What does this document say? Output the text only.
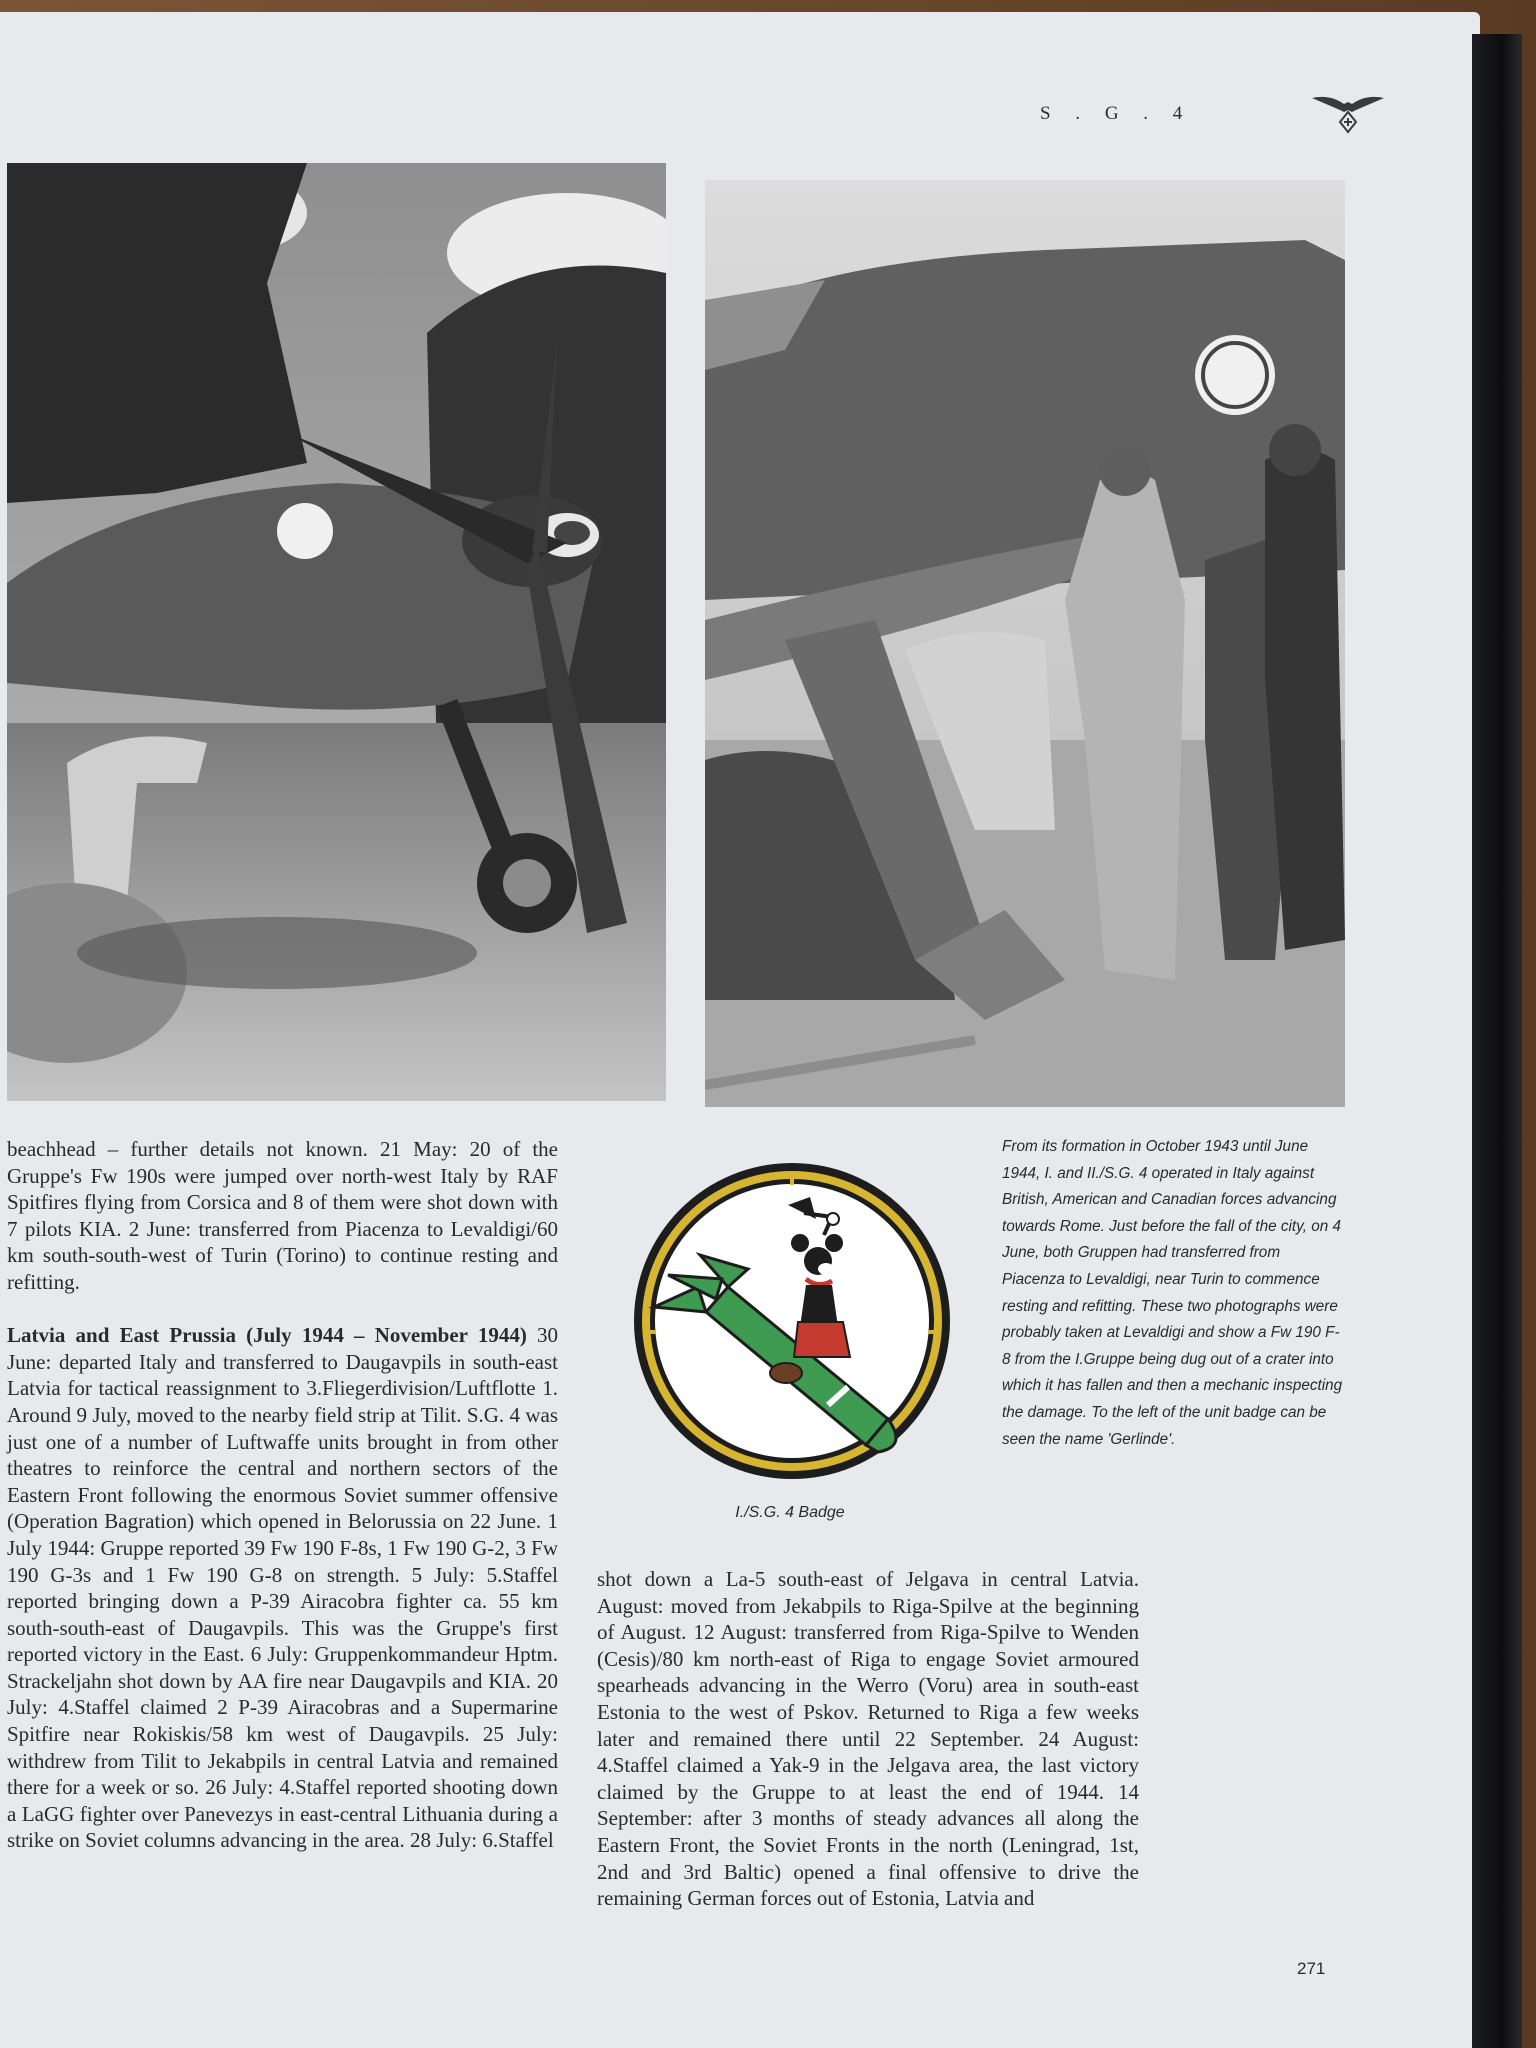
S . G . 4
beachhead – further details not known. 21 May: 20 of the Gruppe's Fw 190s were jumped over north-west Italy by RAF Spitfires flying from Corsica and 8 of them were shot down with 7 pilots KIA. 2 June: transferred from Piacenza to Levaldigi/60 km south-south-west of Turin (Torino) to continue resting and refitting.

Latvia and East Prussia (July 1944 – November 1944) 30 June: departed Italy and transferred to Daugavpils in south-east Latvia for tactical reassignment to 3.Fliegerdivision/Luftflotte 1. Around 9 July, moved to the nearby field strip at Tilit. S.G. 4 was just one of a number of Luftwaffe units brought in from other theatres to reinforce the central and northern sectors of the Eastern Front following the enormous Soviet summer offensive (Operation Bagration) which opened in Belorussia on 22 June. 1 July 1944: Gruppe reported 39 Fw 190 F-8s, 1 Fw 190 G-2, 3 Fw 190 G-3s and 1 Fw 190 G-8 on strength. 5 July: 5.Staffel reported bringing down a P-39 Airacobra fighter ca. 55 km south-south-east of Daugavpils. This was the Gruppe's first reported victory in the East. 6 July: Gruppenkommandeur Hptm. Strackeljahn shot down by AA fire near Daugavpils and KIA. 20 July: 4.Staffel claimed 2 P-39 Airacobras and a Supermarine Spitfire near Rokiskis/58 km west of Daugavpils. 25 July: withdrew from Tilit to Jekabpils in central Latvia and remained there for a week or so. 26 July: 4.Staffel reported shooting down a LaGG fighter over Panevezys in east-central Lithuania during a strike on Soviet columns advancing in the area. 28 July: 6.Staffel
shot down a La-5 south-east of Jelgava in central Latvia. August: moved from Jekabpils to Riga-Spilve at the beginning of August. 12 August: transferred from Riga-Spilve to Wenden (Cesis)/80 km north-east of Riga to engage Soviet armoured spearheads advancing in the Werro (Voru) area in south-east Estonia to the west of Pskov. Returned to Riga a few weeks later and remained there until 22 September. 24 August: 4.Staffel claimed a Yak-9 in the Jelgava area, the last victory claimed by the Gruppe to at least the end of 1944. 14 September: after 3 months of steady advances all along the Eastern Front, the Soviet Fronts in the north (Leningrad, 1st, 2nd and 3rd Baltic) opened a final offensive to drive the remaining German forces out of Estonia, Latvia and
From its formation in October 1943 until June 1944, I. and II./S.G. 4 operated in Italy against British, American and Canadian forces advancing towards Rome. Just before the fall of the city, on 4 June, both Gruppen had transferred from Piacenza to Levaldigi, near Turin to commence resting and refitting. These two photographs were probably taken at Levaldigi and show a Fw 190 F-8 from the I.Gruppe being dug out of a crater into which it has fallen and then a mechanic inspecting the damage. To the left of the unit badge can be seen the name 'Gerlinde'.
I./S.G. 4 Badge
271
